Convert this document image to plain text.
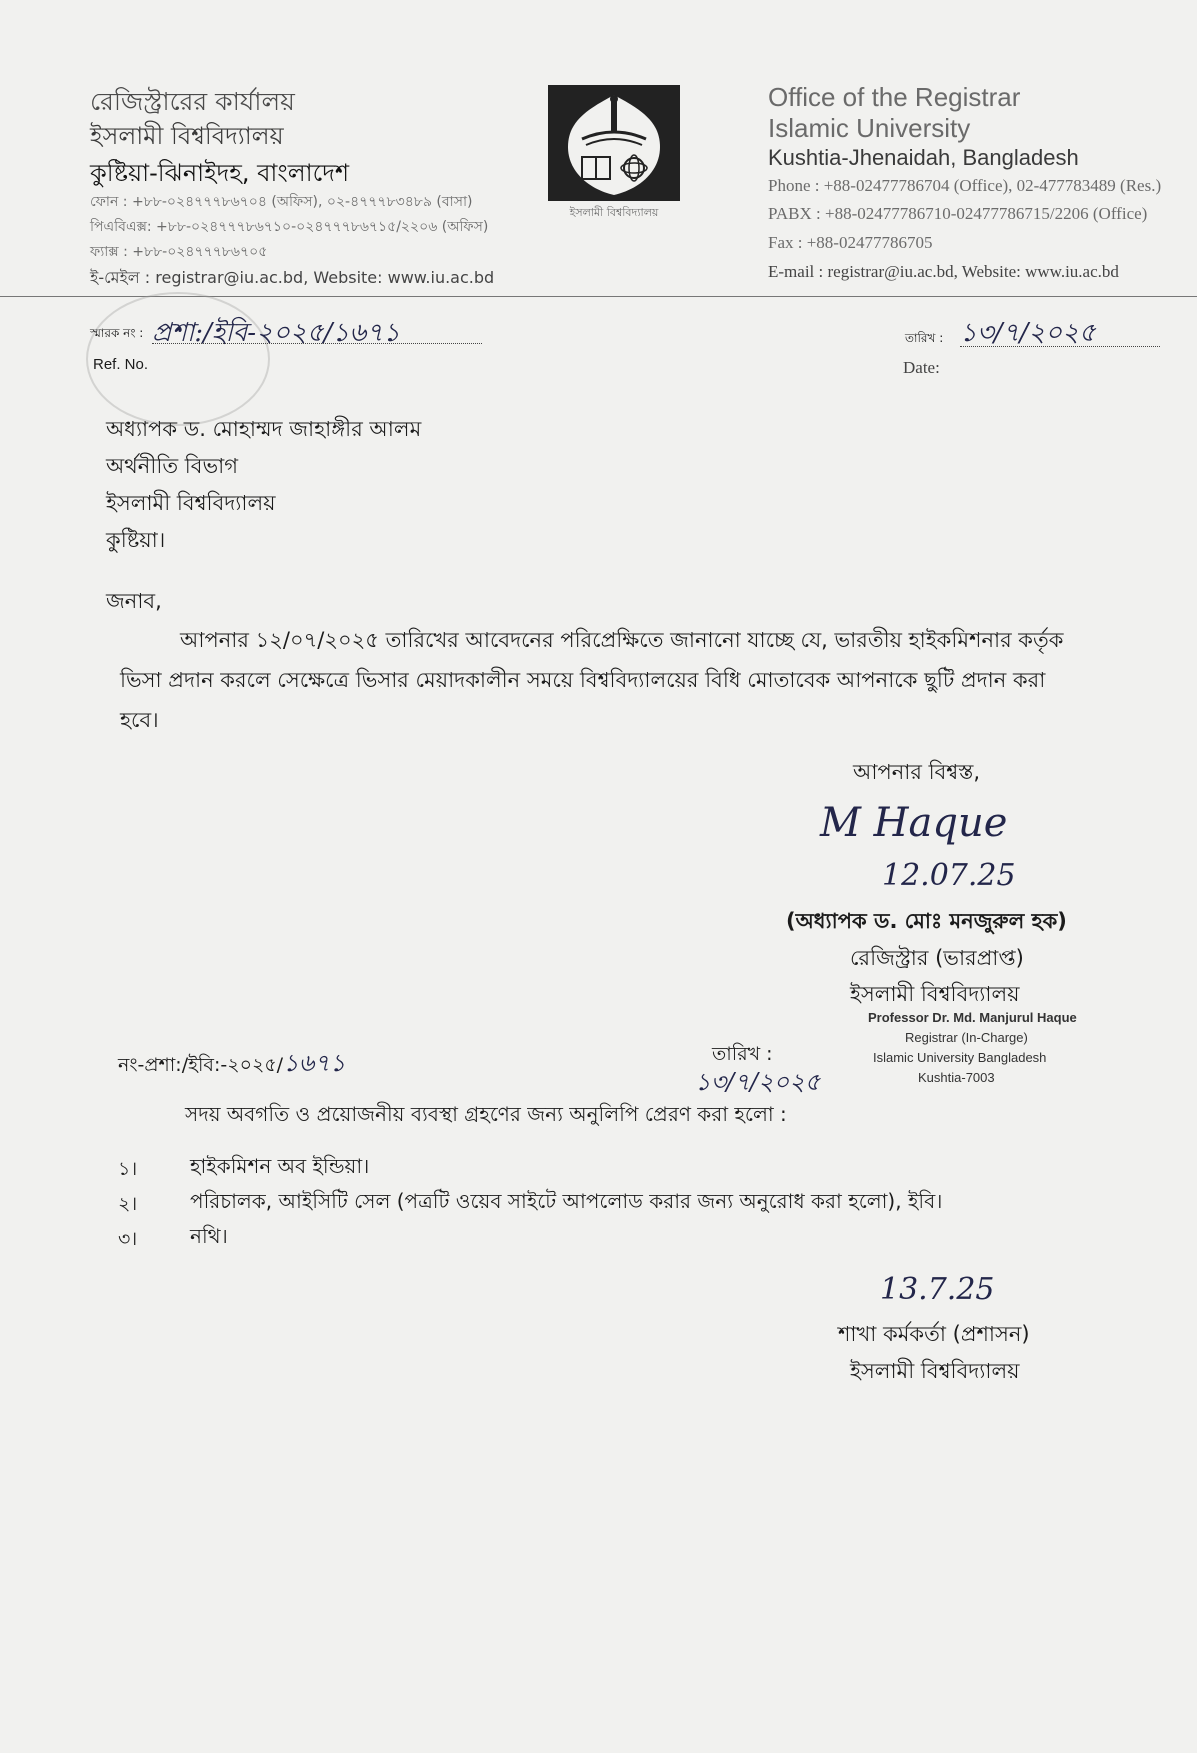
রেজিস্ট্রারের কার্যালয়
ইসলামী বিশ্ববিদ্যালয়
কুষ্টিয়া-ঝিনাইদহ, বাংলাদেশ
ফোন : +৮৮-০২৪৭৭৭৮৬৭০৪ (অফিস), ০২-৪৭৭৭৮৩৪৮৯ (বাসা)
পিএবিএক্স: +৮৮-০২৪৭৭৭৮৬৭১০-০২৪৭৭৭৮৬৭১৫/২২০৬ (অফিস)
ফ্যাক্স : +৮৮-০২৪৭৭৭৮৬৭০৫
ই-মেইল : registrar@iu.ac.bd, Website: www.iu.ac.bd
ইসলামী বিশ্ববিদ্যালয়
Office of the Registrar
Islamic University
Kushtia-Jhenaidah, Bangladesh
Phone : +88-02477786704 (Office), 02-477783489 (Res.)
PABX : +88-02477786710-02477786715/2206 (Office)
Fax : +88-02477786705
E-mail : registrar@iu.ac.bd, Website: www.iu.ac.bd
স্মারক নং : প্রশা:/ইবি-২০২৫/১৬৭১
Ref. No.
তারিখ : ১৩/৭/২০২৫
Date:
অধ্যাপক ড. মোহাম্মদ জাহাঙ্গীর আলম
অর্থনীতি বিভাগ
ইসলামী বিশ্ববিদ্যালয়
কুষ্টিয়া।
জনাব,
আপনার ১২/০৭/২০২৫ তারিখের আবেদনের পরিপ্রেক্ষিতে জানানো যাচ্ছে যে, ভারতীয় হাইকমিশনার কর্তৃক ভিসা প্রদান করলে সেক্ষেত্রে ভিসার মেয়াদকালীন সময়ে বিশ্ববিদ্যালয়ের বিধি মোতাবেক আপনাকে ছুটি প্রদান করা হবে।
আপনার বিশ্বস্ত,
M Haque
12.07.25
(অধ্যাপক ড. মোঃ মনজুরুল হক)
রেজিস্ট্রার (ভারপ্রাপ্ত)
ইসলামী বিশ্ববিদ্যালয়
Professor Dr. Md. Manjurul Haque
Registrar (In-Charge)
Islamic University Bangladesh
Kushtia-7003
নং-প্রশা:/ইবি:-২০২৫/১৬৭১	তারিখ :
১৩/৭/২০২৫
সদয় অবগতি ও প্রয়োজনীয় ব্যবস্থা গ্রহণের জন্য অনুলিপি প্রেরণ করা হলো :
১।	হাইকমিশন অব ইন্ডিয়া।
২।	পরিচালক, আইসিটি সেল (পত্রটি ওয়েব সাইটে আপলোড করার জন্য অনুরোধ করা হলো), ইবি।
৩।	নথি।
13.7.25
শাখা কর্মকর্তা (প্রশাসন)
ইসলামী বিশ্ববিদ্যালয়
